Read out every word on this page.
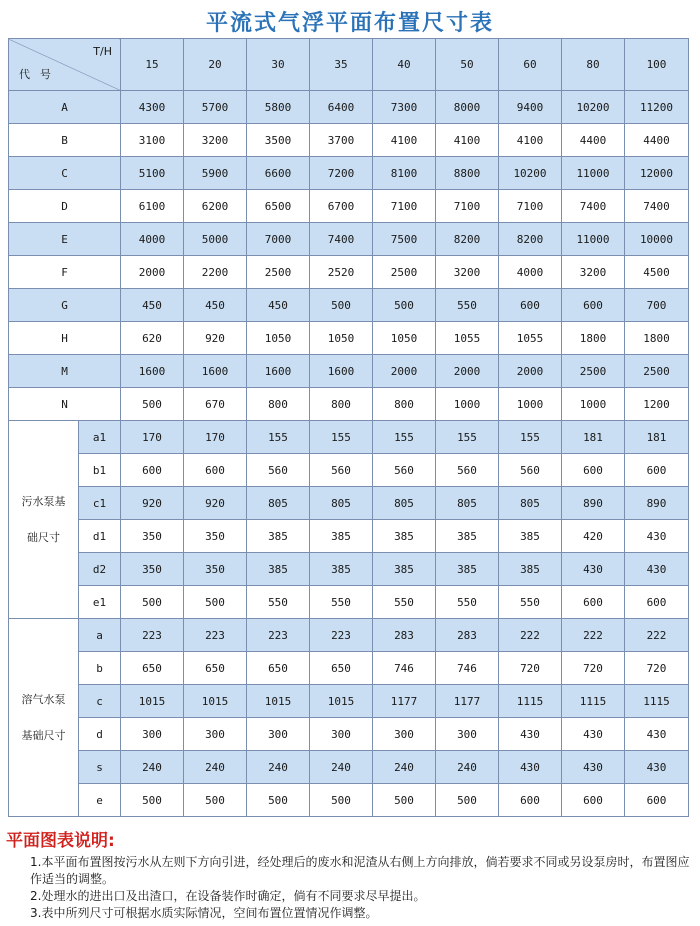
平流式气浮平面布置尺寸表
T/H
代号		15	20	30	35	40	50	60	80	100
A		4300	5700	5800	6400	7300	8000	9400	10200	11200
B		3100	3200	3500	3700	4100	4100	4100	4400	4400
C		5100	5900	6600	7200	8100	8800	10200	11000	12000
D		6100	6200	6500	6700	7100	7100	7100	7400	7400
E		4000	5000	7000	7400	7500	8200	8200	11000	10000
F		2000	2200	2500	2520	2500	3200	4000	3200	4500
G		450	450	450	500	500	550	600	600	700
H		620	920	1050	1050	1050	1055	1055	1800	1800
M		1600	1600	1600	1600	2000	2000	2000	2500	2500
N		500	670	800	800	800	1000	1000	1000	1200

污水泵基
础尺寸	a1	170	170	155	155	155	155	155	181	181
	b1	600	600	560	560	560	560	560	600	600
	c1	920	920	805	805	805	805	805	890	890
	d1	350	350	385	385	385	385	385	420	430
	d2	350	350	385	385	385	385	385	430	430
	e1	500	500	550	550	550	550	550	600	600

溶气水泵
基础尺寸	a	223	223	223	223	283	283	222	222	222
	b	650	650	650	650	746	746	720	720	720
	c	1015	1015	1015	1015	1177	1177	1115	1115	1115
	d	300	300	300	300	300	300	430	430	430
	s	240	240	240	240	240	240	430	430	430
	e	500	500	500	500	500	500	600	600	600
平面图表说明:

1.本平面布置图按污水从左则下方向引进，经处理后的废水和泥渣从右侧上方向排放，倘若要求不同或另设泵房时，布置图应作适当的调整。

2.处理水的进出口及出渣口，在设备装作时确定，倘有不同要求尽早提出。

3.表中所列尺寸可根据水质实际情况，空间布置位置情况作调整。
